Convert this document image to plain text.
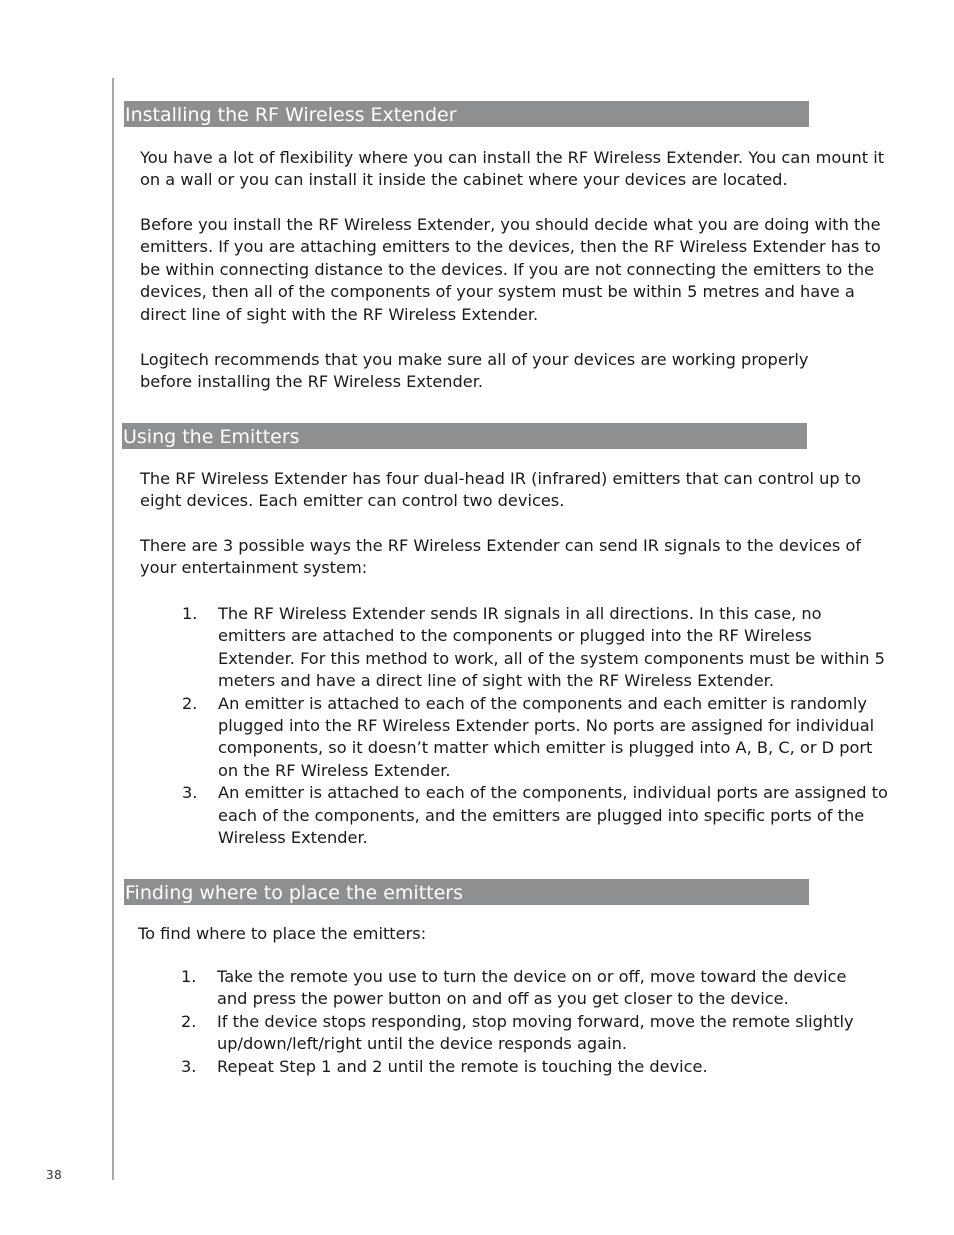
Installing the RF Wireless Extender

You have a lot of flexibility where you can install the RF Wireless Extender. You can mount it on a wall or you can install it inside the cabinet where your devices are located.

Before you install the RF Wireless Extender, you should decide what you are doing with the emitters. If you are attaching emitters to the devices, then the RF Wireless Extender has to be within connecting distance to the devices. If you are not connecting the emitters to the devices, then all of the components of your system must be within 5 metres and have a direct line of sight with the RF Wireless Extender.

Logitech recommends that you make sure all of your devices are working properly before installing the RF Wireless Extender.

Using the Emitters

The RF Wireless Extender has four dual-head IR (infrared) emitters that can control up to eight devices. Each emitter can control two devices.

There are 3 possible ways the RF Wireless Extender can send IR signals to the devices of your entertainment system:

1. The RF Wireless Extender sends IR signals in all directions. In this case, no emitters are attached to the components or plugged into the RF Wireless Extender. For this method to work, all of the system components must be within 5 meters and have a direct line of sight with the RF Wireless Extender.
2. An emitter is attached to each of the components and each emitter is randomly plugged into the RF Wireless Extender ports. No ports are assigned for individual components, so it doesn’t matter which emitter is plugged into A, B, C, or D port on the RF Wireless Extender.
3. An emitter is attached to each of the components, individual ports are assigned to each of the components, and the emitters are plugged into specific ports of the Wireless Extender.
Finding where to place the emitters

To find where to place the emitters:

1. Take the remote you use to turn the device on or off, move toward the device and press the power button on and off as you get closer to the device.
2. If the device stops responding, stop moving forward, move the remote slightly up/down/left/right until the device responds again.
3. Repeat Step 1 and 2 until the remote is touching the device.
38
